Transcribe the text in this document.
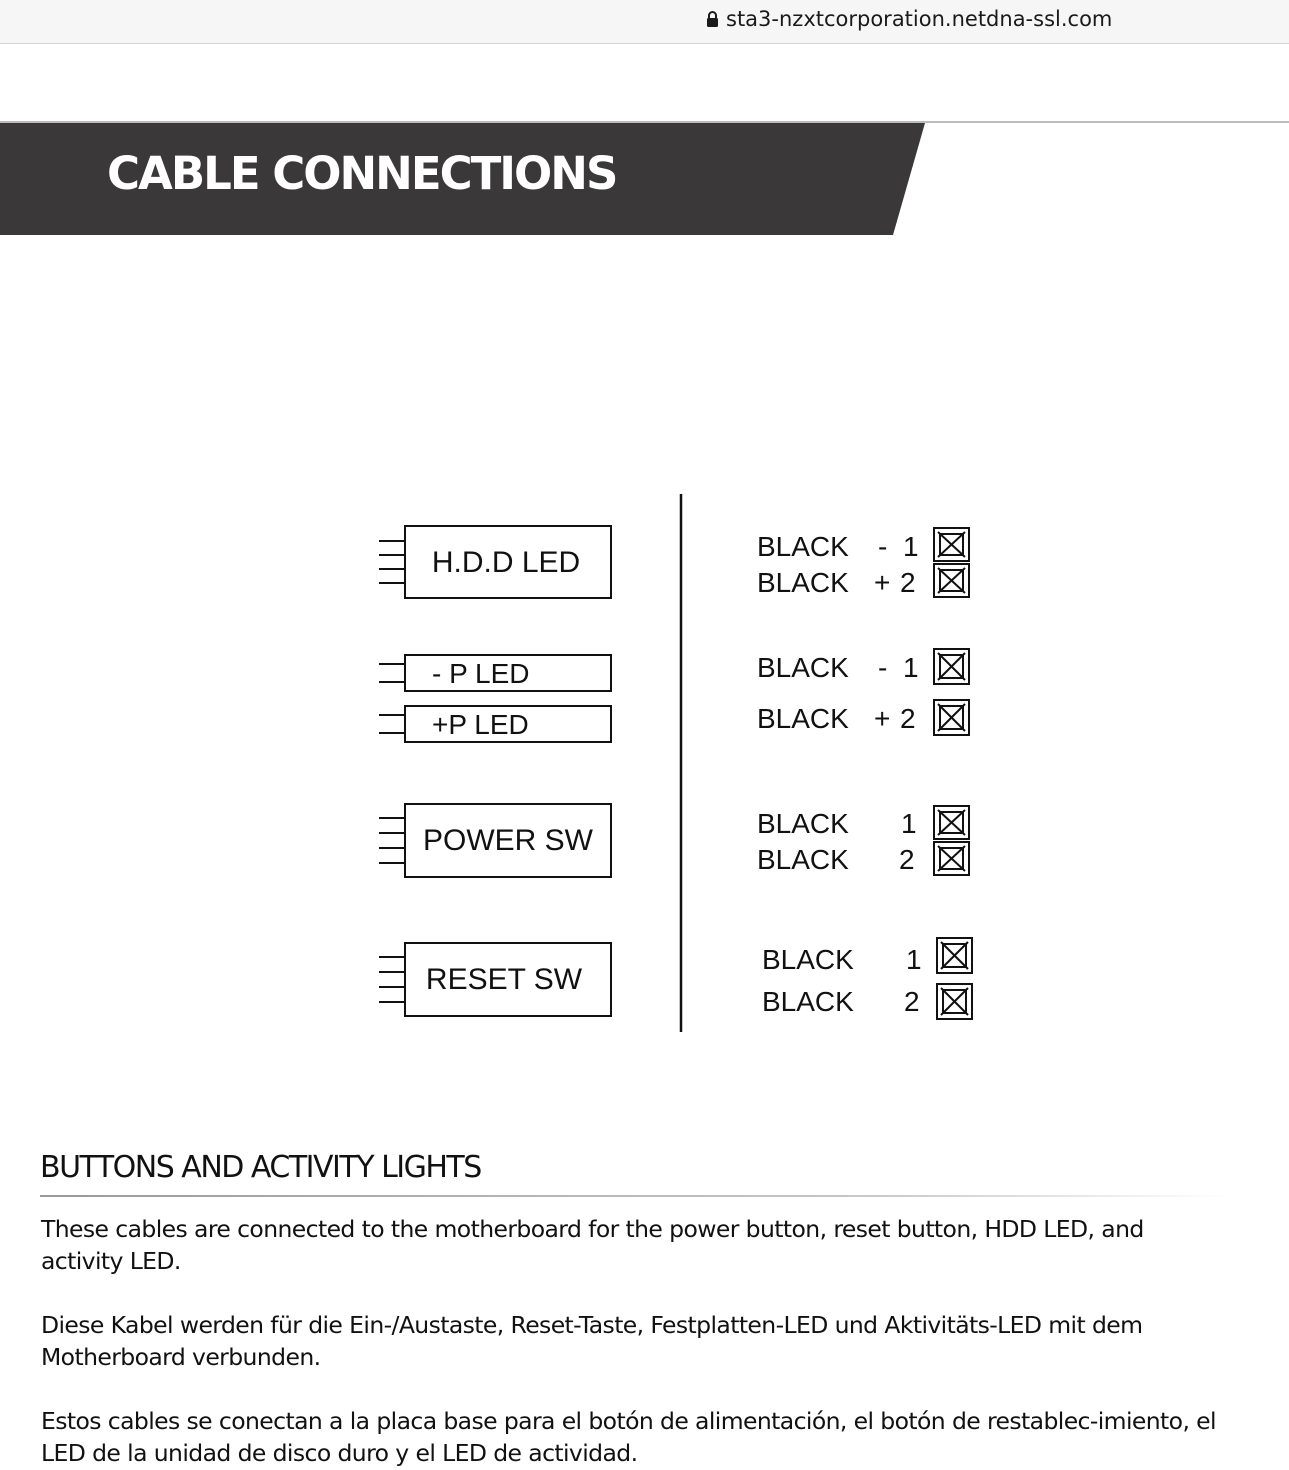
sta3-nzxtcorporation.netdna-ssl.com
CABLE CONNECTIONS
H.D.D LED
- P LED
+P LED
POWER SW
RESET SW
BLACK - 1
BLACK + 2
BLACK - 1
BLACK + 2
BLACK 1
BLACK 2
BLACK 1
BLACK 2
BUTTONS AND ACTIVITY LIGHTS

These cables are connected to the motherboard for the power button, reset button, HDD LED, and activity LED.

Diese Kabel werden für die Ein-/Austaste, Reset-Taste, Festplatten-LED und Aktivitäts-LED mit dem Motherboard verbunden.

Estos cables se conectan a la placa base para el botón de alimentación, el botón de restablec-imiento, el LED de la unidad de disco duro y el LED de actividad.
